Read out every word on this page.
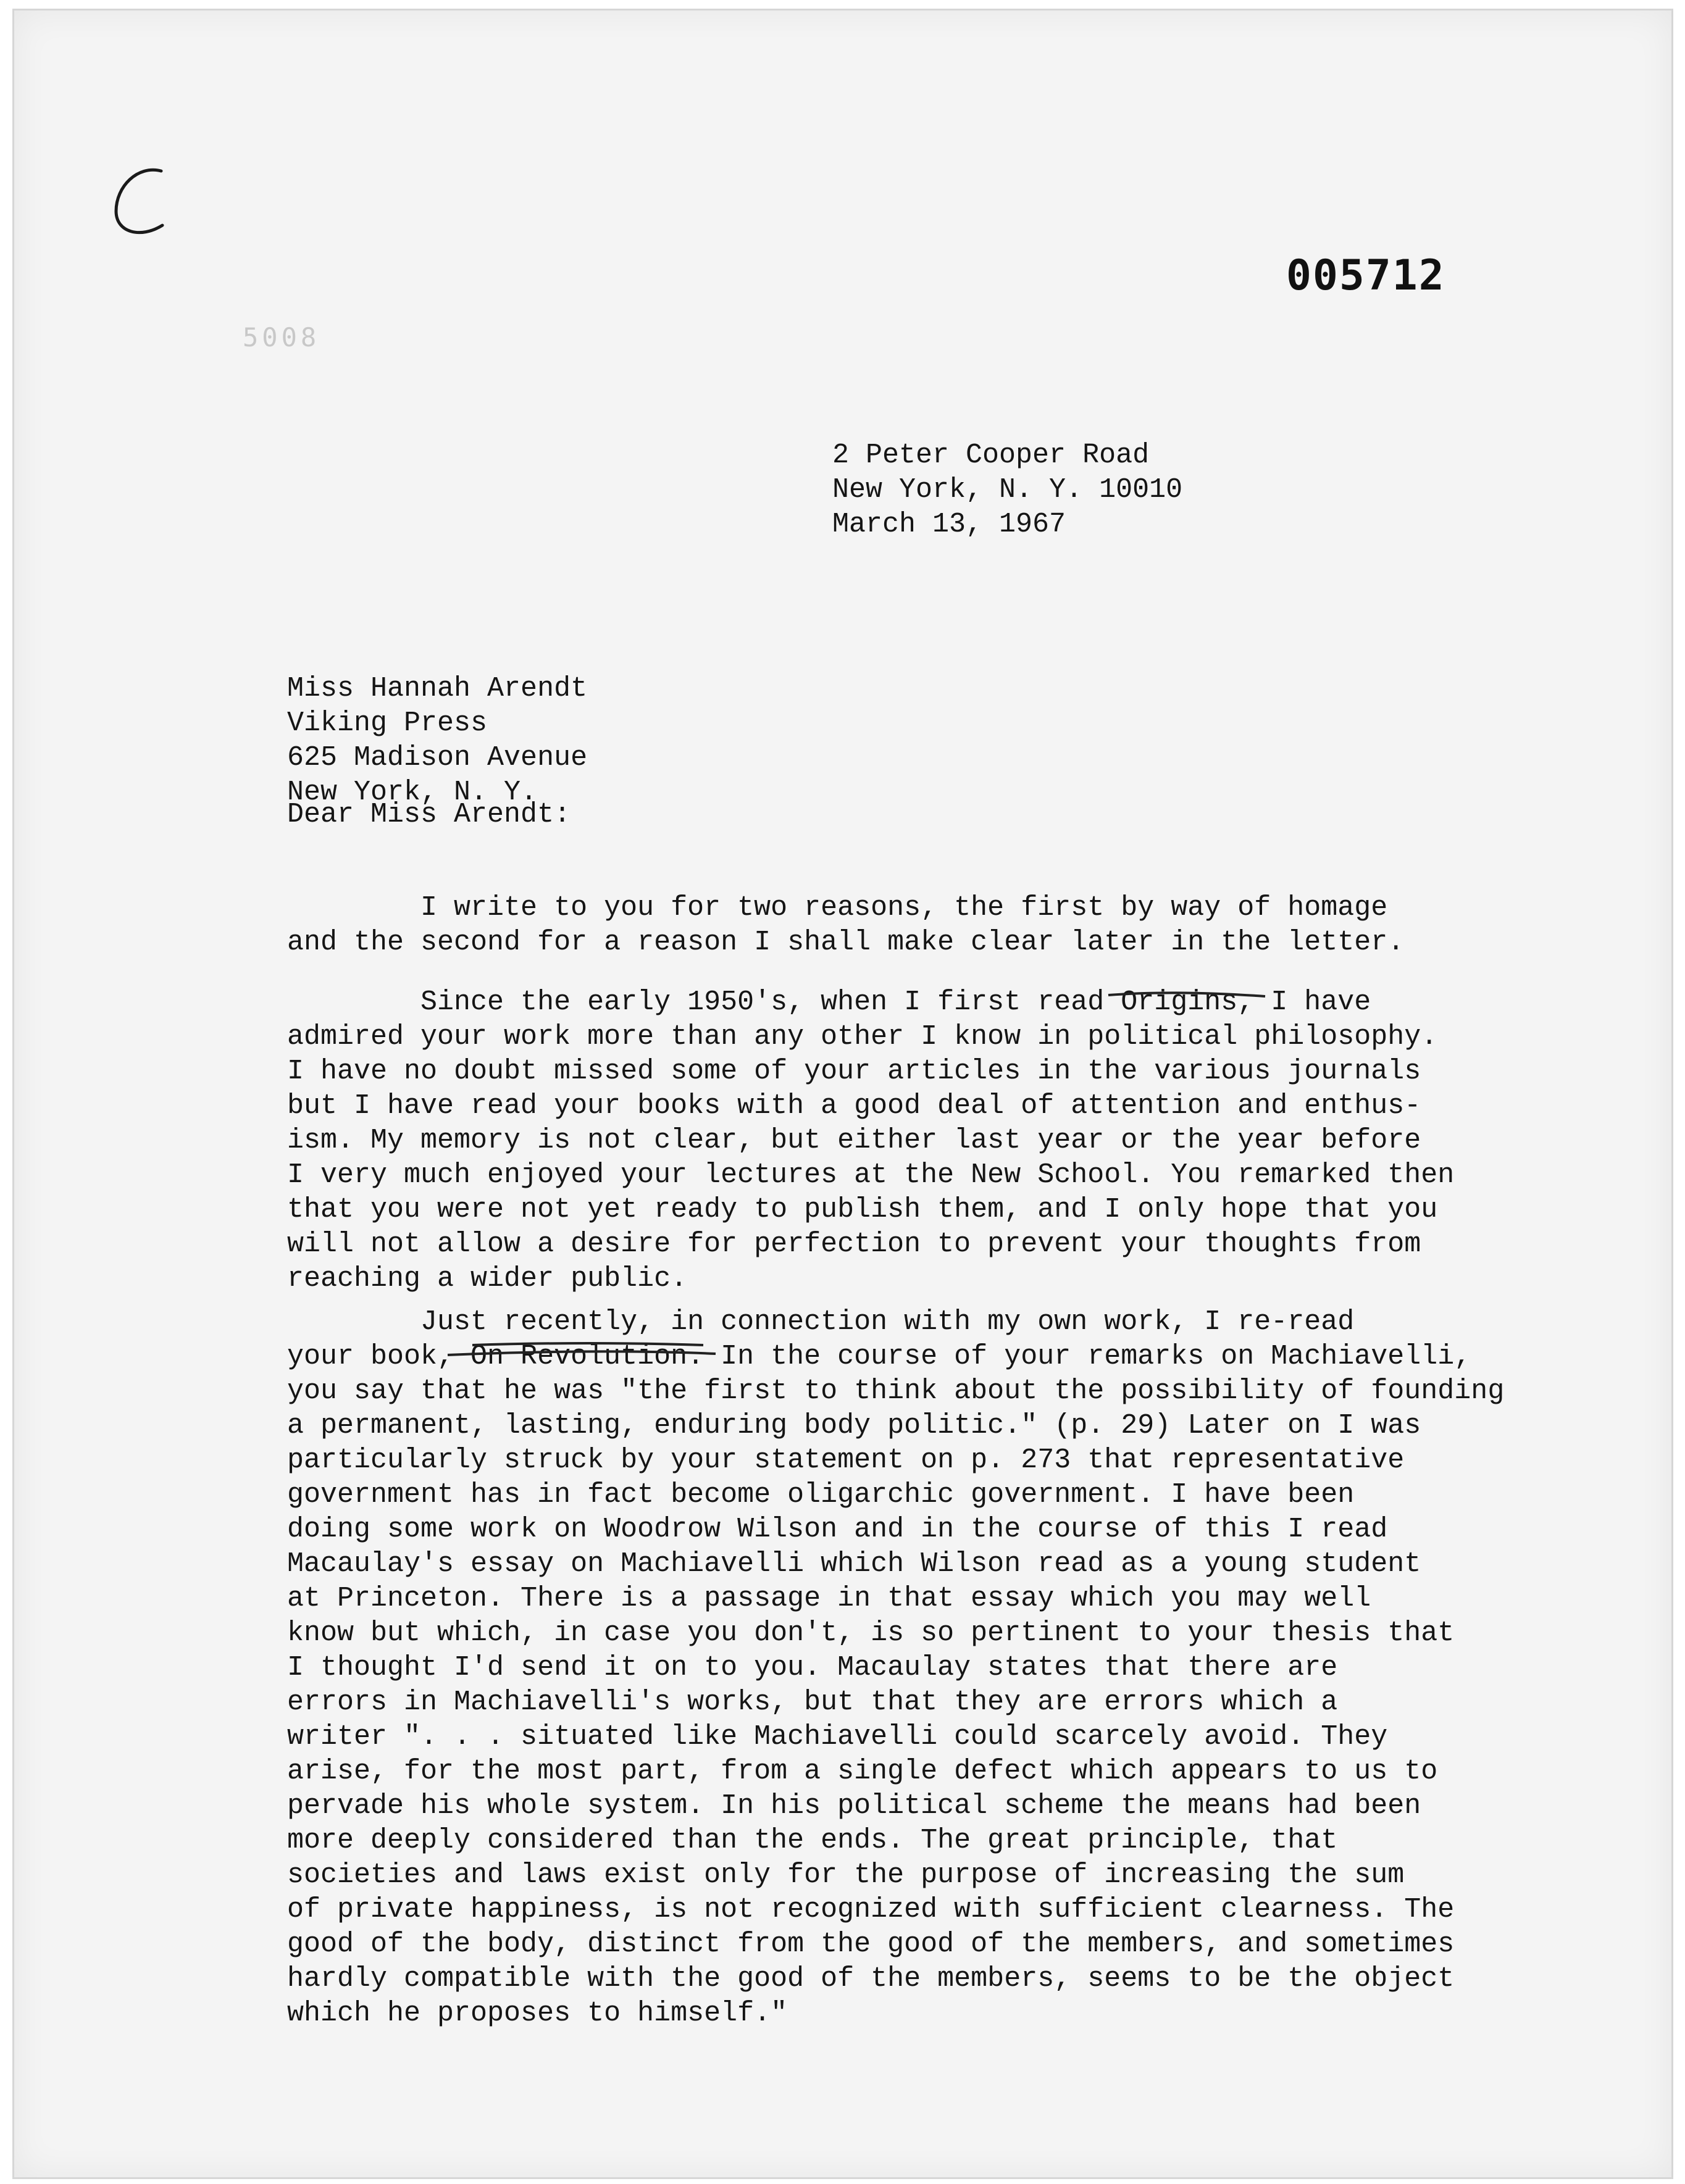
C
005712
5008

2 Peter Cooper Road
New York, N. Y. 10010
March 13, 1967

Miss Hannah Arendt
Viking Press
625 Madison Avenue
New York, N. Y.
Dear Miss Arendt:

I write to you for two reasons, the first by way of homage
and the second for a reason I shall make clear later in the letter.

Since the early 1950's, when I first read Origins, I have
admired your work more than any other I know in political philosophy.
I have no doubt missed some of your articles in the various journals
but I have read your books with a good deal of attention and enthus-
ism. My memory is not clear, but either last year or the year before
I very much enjoyed your lectures at the New School. You remarked then
that you were not yet ready to publish them, and I only hope that you
will not allow a desire for perfection to prevent your thoughts from
reaching a wider public.

Just recently, in connection with my own work, I re-read
your book, On Revolution. In the course of your remarks on Machiavelli,
you say that he was "the first to think about the possibility of founding
a permanent, lasting, enduring body politic." (p. 29) Later on I was
particularly struck by your statement on p. 273 that representative
government has in fact become oligarchic government. I have been
doing some work on Woodrow Wilson and in the course of this I read
Macaulay's essay on Machiavelli which Wilson read as a young student
at Princeton. There is a passage in that essay which you may well
know but which, in case you don't, is so pertinent to your thesis that
I thought I'd send it on to you. Macaulay states that there are
errors in Machiavelli's works, but that they are errors which a
writer ". . . situated like Machiavelli could scarcely avoid. They
arise, for the most part, from a single defect which appears to us to
pervade his whole system. In his political scheme the means had been
more deeply considered than the ends. The great principle, that
societies and laws exist only for the purpose of increasing the sum
of private happiness, is not recognized with sufficient clearness. The
good of the body, distinct from the good of the members, and sometimes
hardly compatible with the good of the members, seems to be the object
which he proposes to himself."
